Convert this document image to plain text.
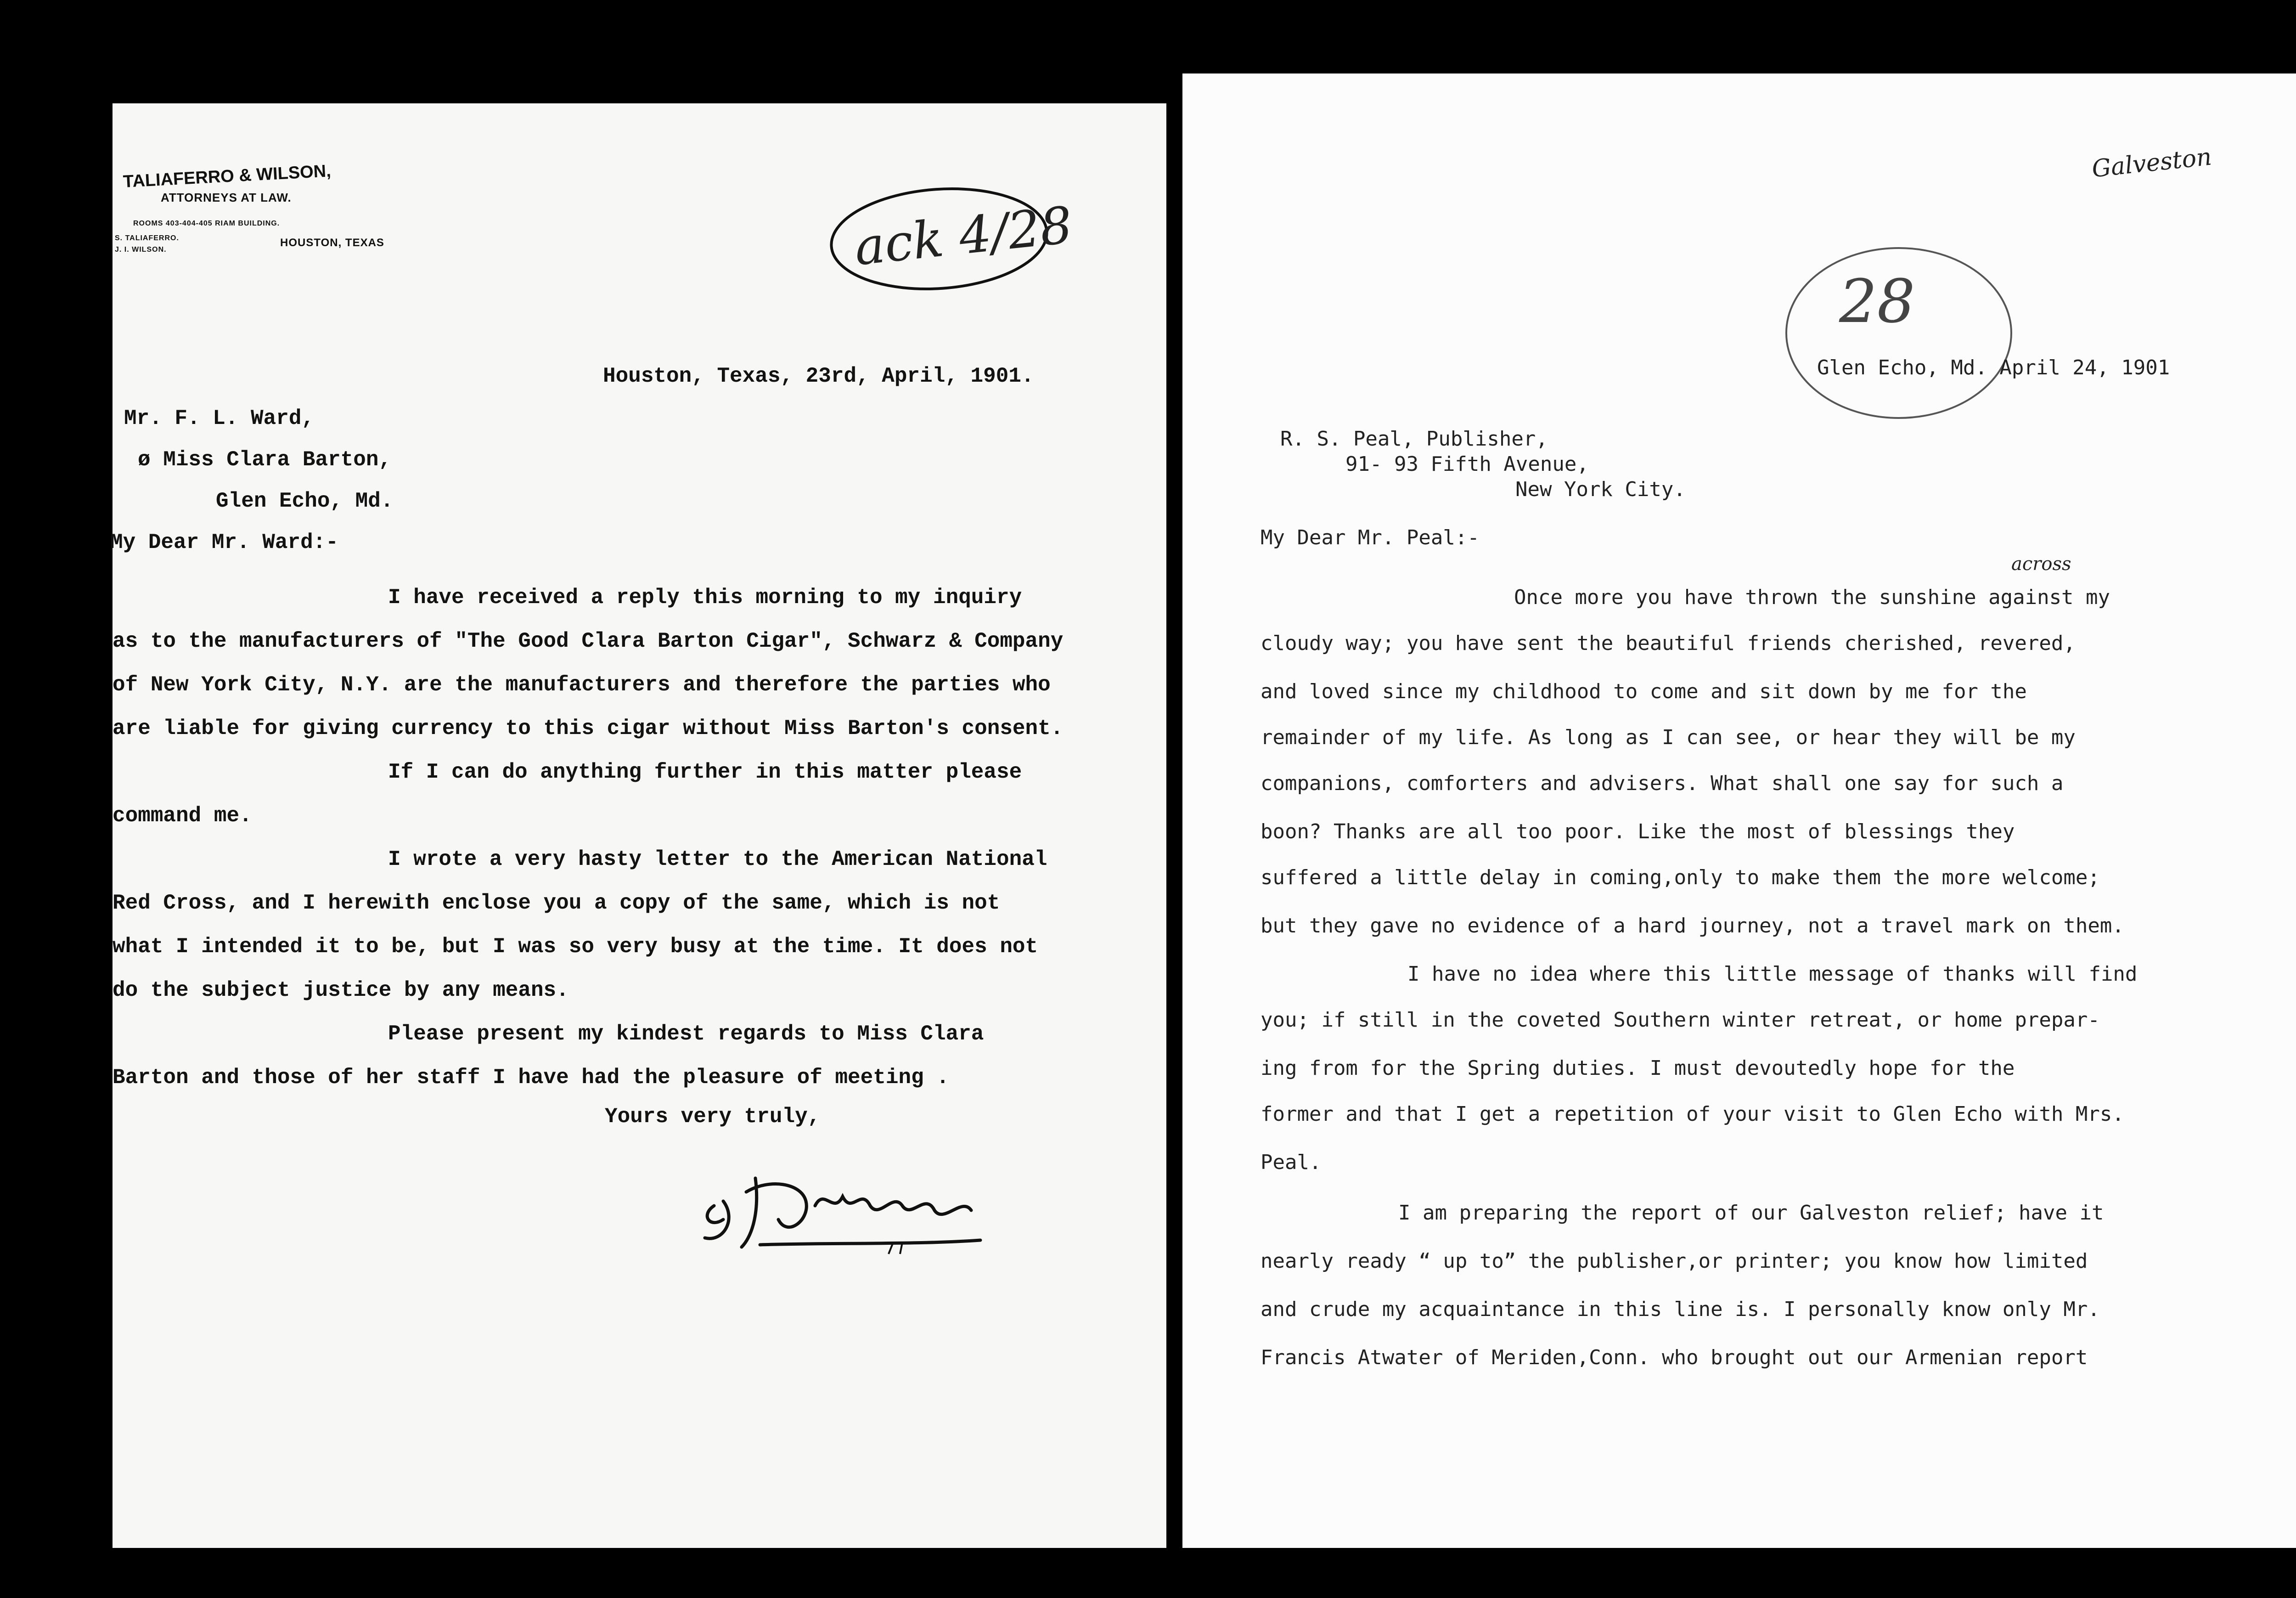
TALIAFERRO & WILSON,
ATTORNEYS AT LAW.
ROOMS 403-404-405 RIAM BUILDING.
S. TALIAFERRO.
J. I. WILSON.
HOUSTON, TEXAS	ack 4/28
Houston, Texas, 23rd, April, 1901.
Mr. F. L. Ward,
ø Miss Clara Barton,
Glen Echo, Md.
My Dear Mr. Ward:-
I have received a reply this morning to my inquiry
as to the manufacturers of "The Good Clara Barton Cigar", Schwarz & Company
of New York City, N.Y. are the manufacturers and therefore the parties who
are liable for giving currency to this cigar without Miss Barton's consent.
If I can do anything further in this matter please
command me.
I wrote a very hasty letter to the American National
Red Cross, and I herewith enclose you a copy of the same, which is not
what I intended it to be, but I was so very busy at the time. It does not
do the subject justice by any means.
Please present my kindest regards to Miss Clara
Barton and those of her staff I have had the pleasure of meeting .
Yours very truly,
Galveston
28
Glen Echo, Md. April 24, 1901
R. S. Peal, Publisher,
91- 93 Fifth Avenue,
New York City.
My Dear Mr. Peal:-
across
Once more you have thrown the sunshine against my
cloudy way; you have sent the beautiful friends cherished, revered,
and loved since my childhood to come and sit down by me for the
remainder of my life. As long as I can see, or hear they will be my
companions, comforters and advisers. What shall one say for such a
boon? Thanks are all too poor. Like the most of blessings they
suffered a little delay in coming,only to make them the more welcome;
but they gave no evidence of a hard journey, not a travel mark on them.
I have no idea where this little message of thanks will find
you; if still in the coveted Southern winter retreat, or home prepar-
ing from for the Spring duties. I must devoutedly hope for the
former and that I get a repetition of your visit to Glen Echo with Mrs.
Peal.
I am preparing the report of our Galveston relief; have it
nearly ready “ up to” the publisher,or printer; you know how limited
and crude my acquaintance in this line is. I personally know only Mr.
Francis Atwater of Meriden,Conn. who brought out our Armenian report
